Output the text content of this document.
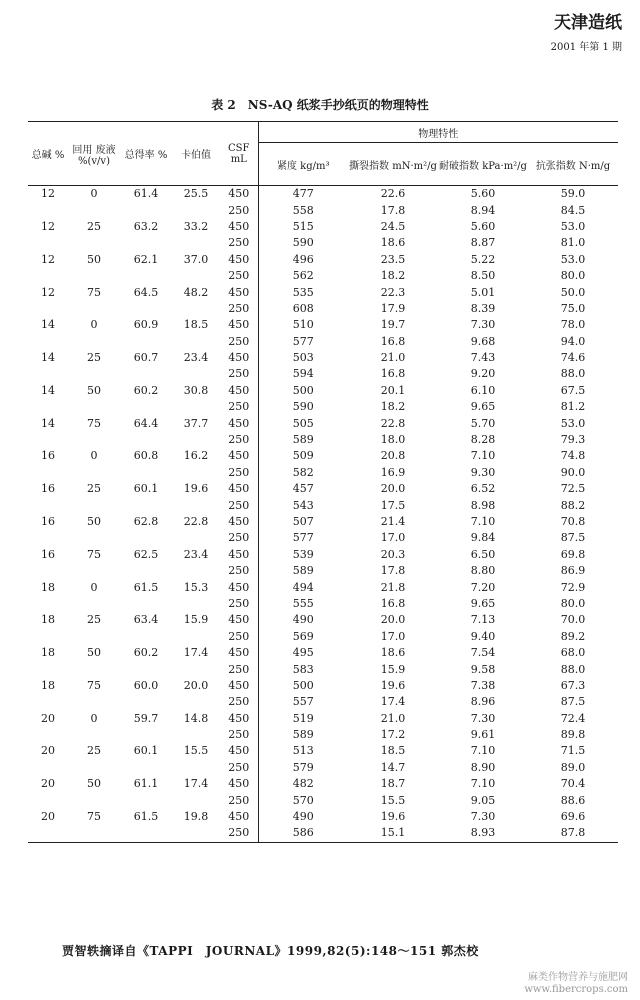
天津造纸
2001 年第 1 期
表 2　NS-AQ 纸浆手抄纸页的物理特性
总碱 %	回用 废液 %(v/v)	总得率 %	卡伯值	CSF mL	物理特性			
					紧度 kg/m³	撕裂指数 mN·m²/g	耐破指数 kPa·m²/g	抗张指数 N·m/g
12	0	61.4	25.5	450	477	22.6	5.60	59.0
				250	558	17.8	8.94	84.5
12	25	63.2	33.2	450	515	24.5	5.60	53.0
				250	590	18.6	8.87	81.0
12	50	62.1	37.0	450	496	23.5	5.22	53.0
				250	562	18.2	8.50	80.0
12	75	64.5	48.2	450	535	22.3	5.01	50.0
				250	608	17.9	8.39	75.0
14	0	60.9	18.5	450	510	19.7	7.30	78.0
				250	577	16.8	9.68	94.0
14	25	60.7	23.4	450	503	21.0	7.43	74.6
				250	594	16.8	9.20	88.0
14	50	60.2	30.8	450	500	20.1	6.10	67.5
				250	590	18.2	9.65	81.2
14	75	64.4	37.7	450	505	22.8	5.70	53.0
				250	589	18.0	8.28	79.3
16	0	60.8	16.2	450	509	20.8	7.10	74.8
				250	582	16.9	9.30	90.0
16	25	60.1	19.6	450	457	20.0	6.52	72.5
				250	543	17.5	8.98	88.2
16	50	62.8	22.8	450	507	21.4	7.10	70.8
				250	577	17.0	9.84	87.5
16	75	62.5	23.4	450	539	20.3	6.50	69.8
				250	589	17.8	8.80	86.9
18	0	61.5	15.3	450	494	21.8	7.20	72.9
				250	555	16.8	9.65	80.0
18	25	63.4	15.9	450	490	20.0	7.13	70.0
				250	569	17.0	9.40	89.2
18	50	60.2	17.4	450	495	18.6	7.54	68.0
				250	583	15.9	9.58	88.0
18	75	60.0	20.0	450	500	19.6	7.38	67.3
				250	557	17.4	8.96	87.5
20	0	59.7	14.8	450	519	21.0	7.30	72.4
				250	589	17.2	9.61	89.8
20	25	60.1	15.5	450	513	18.5	7.10	71.5
				250	579	14.7	8.90	89.0
20	50	61.1	17.4	450	482	18.7	7.10	70.4
				250	570	15.5	9.05	88.6
20	75	61.5	19.8	450	490	19.6	7.30	69.6
				250	586	15.1	8.93	87.8
贾智轶摘译自《TAPPI　JOURNAL》1999,82(5):148～151 郭杰校
麻类作物营养与施肥网
www.fibercrops.com
